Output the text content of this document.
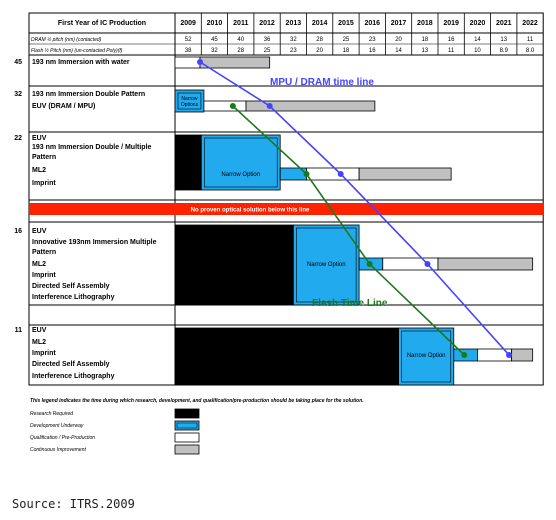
First Year of IC Production	2009 2010 2011 2012 2013 2014 2015 2016 2017 2018 2019 2020 2021 2022
DRAM ½ pitch (nm) (contacted)	52	45	40	36	32	28	25	23	20	18	16	14	13	11
Flash ½ Pitch (nm) (un-contacted Poly)(f)	38	32	28	25	23	20	18	16	14	13	11	10	8.9	8.0
45 193 nm Immersion with water
32 193 nm Immersion Double Pattern
EUV (DRAM / MPU)
22 EUV
193 nm Immersion Double / Multiple
Pattern
ML2
Imprint
16 EUV
Innovative 193nm Immersion Multiple
Pattern
ML2
Imprint
Directed Self Assembly
Interference Lithography
11 EUV
ML2
Imprint
Directed Self Assembly
Interference Lithography
Narrow
Options
Narrow Option
Narrow Option
Narrow Option
No proven optical solution below this line
MPU / DRAM time line
Flash Time Line
This legend indicates the time during which research, development, and qualification/pre-production should be taking place for the solution.
Research Required
Development Underway
Qualification / Pre-Production
Continuous Improvement

Source: ITRS.2009
